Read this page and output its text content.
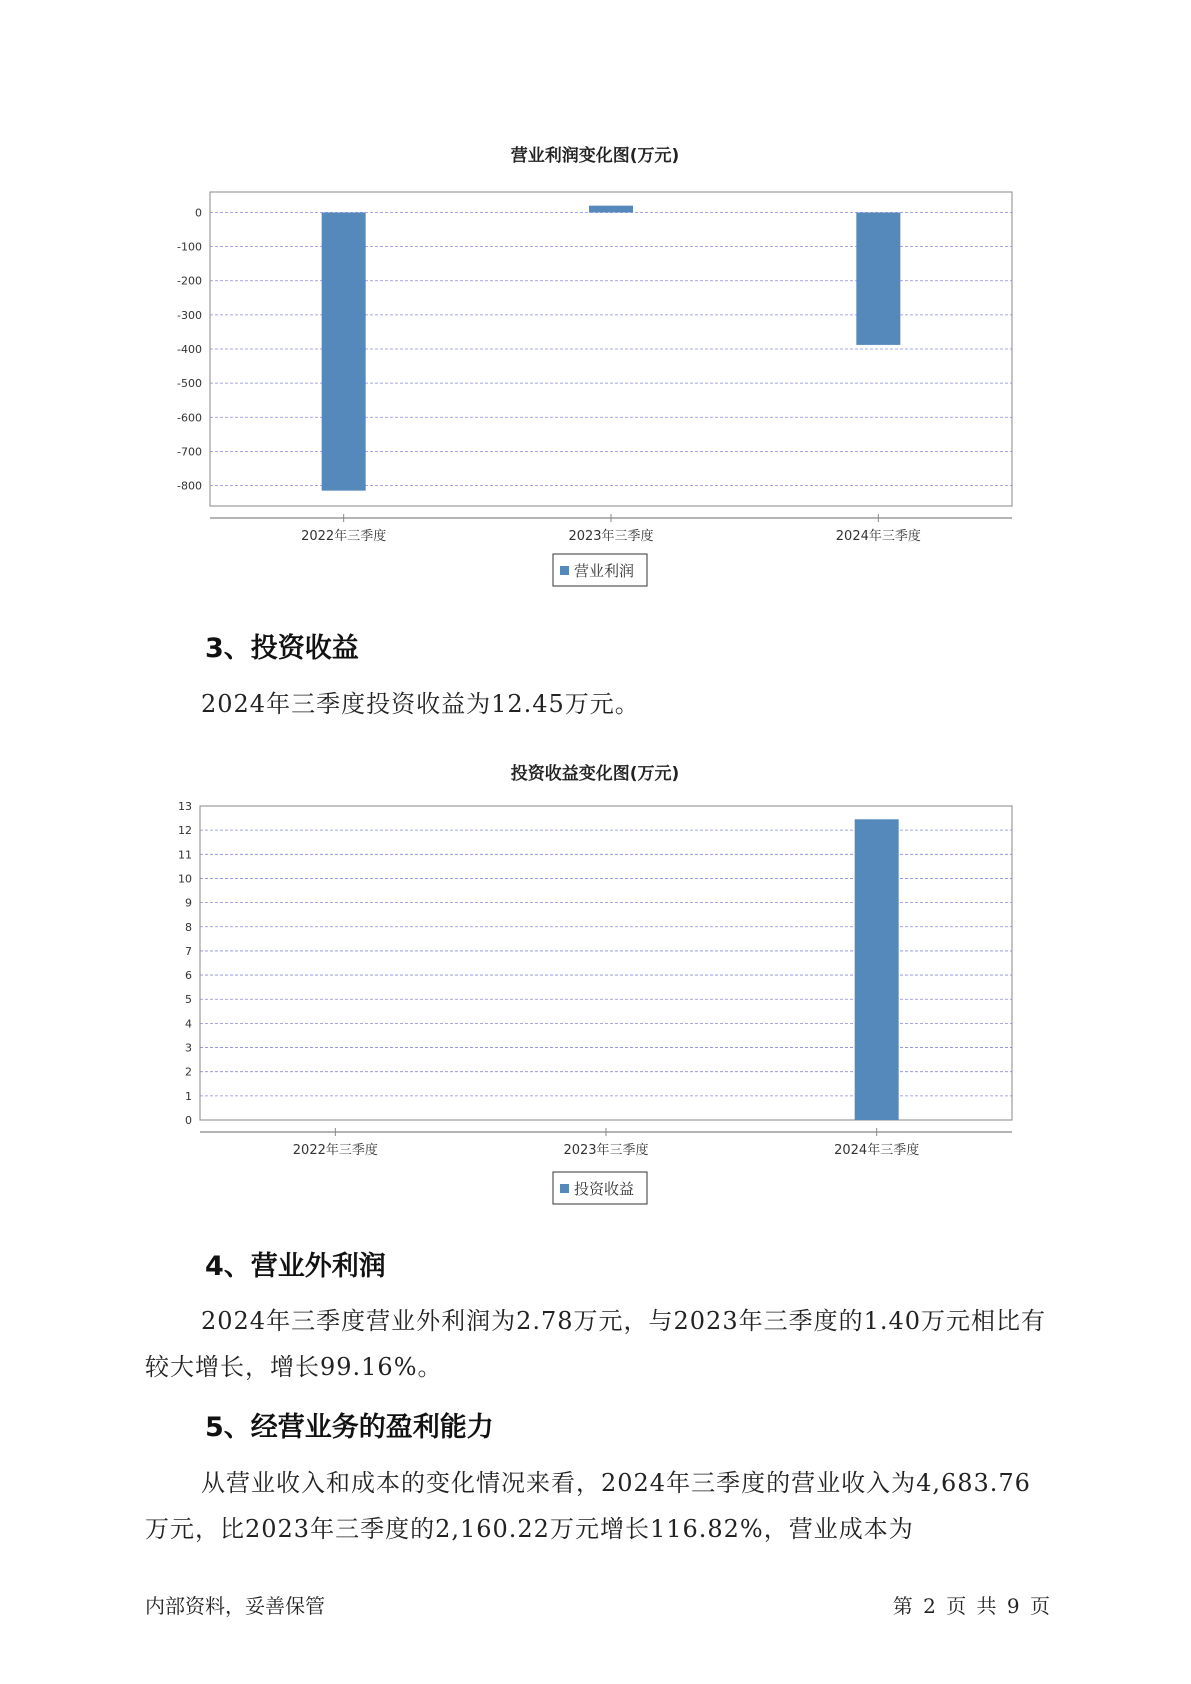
营业利润变化图(万元)
0
-100
-200
-300
-400
-500
-600
-700
-800
2022年三季度	2023年三季度	2024年三季度
营业利润
3、投资收益

2024年三季度投资收益为12.45万元。

投资收益变化图(万元)
0
1
2
3
4
5
6
7
8
9
10
11
12
13
2022年三季度	2023年三季度	2024年三季度
投资收益
4、营业外利润

2024年三季度营业外利润为2.78万元，与2023年三季度的1.40万元相比有较大增长，增长99.16%。

5、经营业务的盈利能力

从营业收入和成本的变化情况来看，2024年三季度的营业收入为4,683.76万元，比2023年三季度的2,160.22万元增长116.82%，营业成本为

内部资料，妥善保管	第 2 页 共 9 页
